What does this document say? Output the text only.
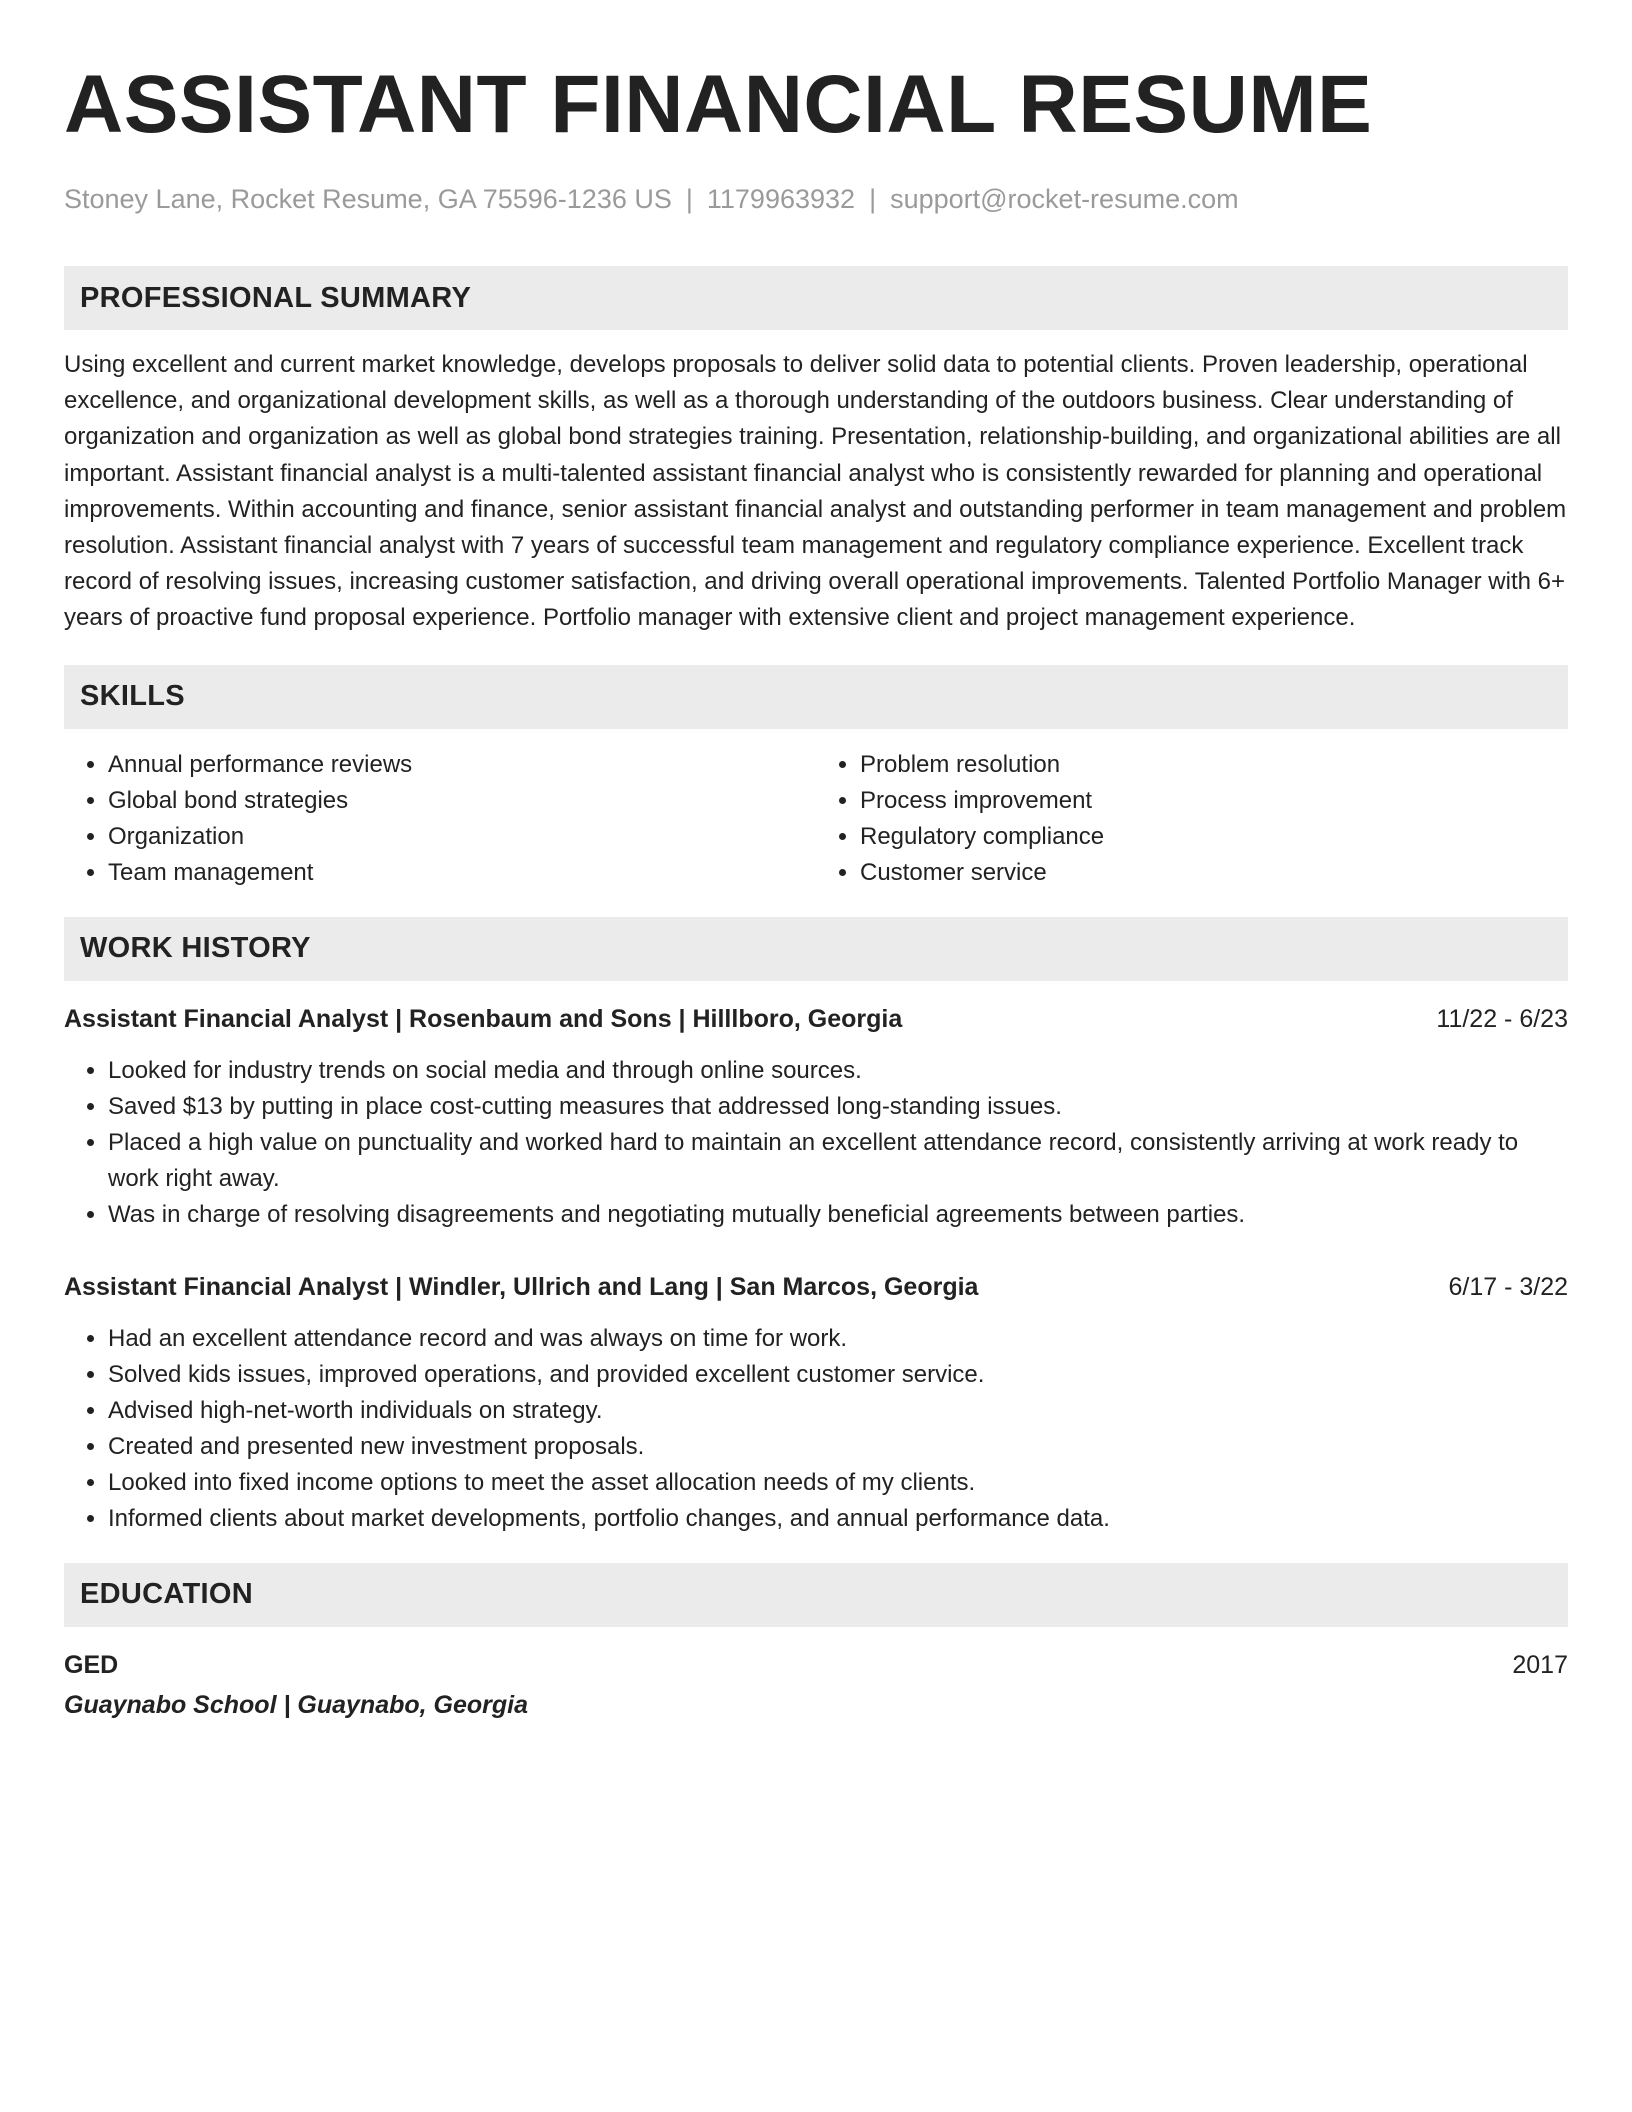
ASSISTANT FINANCIAL RESUME
Stoney Lane, Rocket Resume, GA 75596-1236 US | 1179963932 | support@rocket-resume.com
PROFESSIONAL SUMMARY
Using excellent and current market knowledge, develops proposals to deliver solid data to potential clients. Proven leadership, operational excellence, and organizational development skills, as well as a thorough understanding of the outdoors business. Clear understanding of organization and organization as well as global bond strategies training. Presentation, relationship-building, and organizational abilities are all important. Assistant financial analyst is a multi-talented assistant financial analyst who is consistently rewarded for planning and operational improvements. Within accounting and finance, senior assistant financial analyst and outstanding performer in team management and problem resolution. Assistant financial analyst with 7 years of successful team management and regulatory compliance experience. Excellent track record of resolving issues, increasing customer satisfaction, and driving overall operational improvements. Talented Portfolio Manager with 6+ years of proactive fund proposal experience. Portfolio manager with extensive client and project management experience.
SKILLS
• Annual performance reviews
• Global bond strategies
• Organization
• Team management
• Problem resolution
• Process improvement
• Regulatory compliance
• Customer service
WORK HISTORY
Assistant Financial Analyst | Rosenbaum and Sons | Hilllboro, Georgia	11/22 - 6/23
• Looked for industry trends on social media and through online sources.
• Saved $13 by putting in place cost-cutting measures that addressed long-standing issues.
• Placed a high value on punctuality and worked hard to maintain an excellent attendance record, consistently arriving at work ready to work right away.
• Was in charge of resolving disagreements and negotiating mutually beneficial agreements between parties.
Assistant Financial Analyst | Windler, Ullrich and Lang | San Marcos, Georgia	6/17 - 3/22
• Had an excellent attendance record and was always on time for work.
• Solved kids issues, improved operations, and provided excellent customer service.
• Advised high-net-worth individuals on strategy.
• Created and presented new investment proposals.
• Looked into fixed income options to meet the asset allocation needs of my clients.
• Informed clients about market developments, portfolio changes, and annual performance data.
EDUCATION
GED	2017
Guaynabo School | Guaynabo, Georgia
